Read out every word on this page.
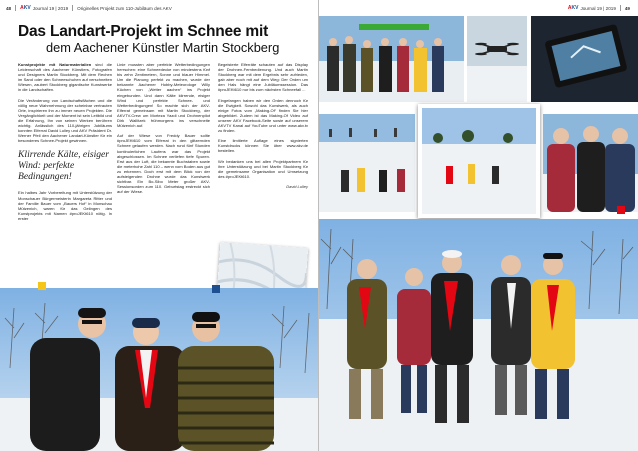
48 AKV Journal 19 | 2019 Originelles Projekt zum 110-Jubiläum des AKV
Das Landart-Projekt im Schnee mit
dem Aachener Künstler Martin Stockberg

Kunstprojekte mit Naturmaterialien sind die Leidenschaft des Aachener Künstlers, Fotografen und Designers Martin Stockberg. Mit dem Rechen im Sand oder den Schneeschuhen auf verschneiten Wiesen, zaubert Stockberg gigantische Kunstwerke in die Landschaften.

Die Veränderung von Landschaftsflächen und die völlig neue Wahrnehmung der scheinbar vertrauten Orte, inspirieren ihn zu immer neuen Projekten. Die Vergänglichkeit und der Moment ist sein Leitbild und die Erfahrung, Ihn von seinen Werken berühren wichtig. Anlässlich des 110-jährigen Jubiläums konnten Elferrat David Lulley und AKV Präsident Dr. Werner Pfeil den Aachener Landart-Künstler für ein besonderes Schnee-Projekt gewinnen.

Klirrende Kälte, eisiger Wind: perfekte Bedingungen!

Ein halbes Jahr Vorbereitung mit Unterstützung der Monschauer Bürgermeisterin Margareta Ritter und der Familie Bauer vom „Bauers Hof“ in Monschau Mützenich, waren für das Gelingen des Kunstprojekts mit Namen #proJEKt610 nötig. In erster

Linie mussten aber perfekte Wetterbedingungen herrschen: eine Schneedecke von mindestens fünf bis zehn Zentimetern, Sonne und blauer Himmel. Um die Planung perfekt zu machen, wurde der bekannte Aachener Hobby-Meteorologe Willy Küchen von „Wetter aachen“ ins Projekt eingebunden. Und dann Kälte klirrende, eisiger Wind und perfekte Schnee- und Wetterbedingungen! So machte sich der AKV-Elferrat gemeinsam mit Martin Stockberg, der AKVTV-Crew um Morteza Yazdi und Drohnenpilot Dirk Wallitzek frühmorgens ins verschneite Mützenich auf.

Auf der Wiese von Freddy Bauer sollte #proJEKt610 vom Elferrat in den glitzernden Schnee gelaufen werden. Nach rund fünf Stunden kontinuierlichen Laufens war das Projekt abgeschlossen. Im Schnee verliefen tiefe Spuren. Erst aus der Luft, die bekannte Buchstaben sowie die meterhohe Zahl 110 – wenn vom Boden aus gut zu erkennen. Doch erst mit dem Blick von der aufsteigenden Drohne wurde das Kunstwerk sichtbar. Ein Bo-Sibo Meter großer AKV-Sessionsorden zum 110. Geburtstag erstreckt sich auf der Wiese.

Begeisterte Elferräte schauten auf das Display der Drohnen-Fernbedienung. Und auch Martin Stockberg war mit dem Ergebnis sehr zufrieden, gab aber noch mit auf dem Weg: Der Orden um den Hals hängt eine Jubiläumssession. Das #proJEKt610 nur bis zum nächsten Schneefall ...

Eingefangen haben wir den Orden dennoch für die Ewigkeit. Sowohl das Kunstwerk, als auch einige Fotos vom „Making-Of“ finden Sie hier abgebildet. Zudem ist das Making-Of Video auf unserer AKV Facebook-Seite sowie auf unserem AKVTV Kanal auf YouTube und unter www.akv.tv zu finden.

Eine limitierte Auflage eines signierten Kunstdrucks können Sie über www.akv.de bestellen.

Wir bedanken uns bei allen Projektpartnern für ihre Unterstützung und bei Martin Stockberg für die gemeinsame Organisation und Umsetzung des #proJEKt610.

David Lulley
AKV Journal 19 | 2019 49
